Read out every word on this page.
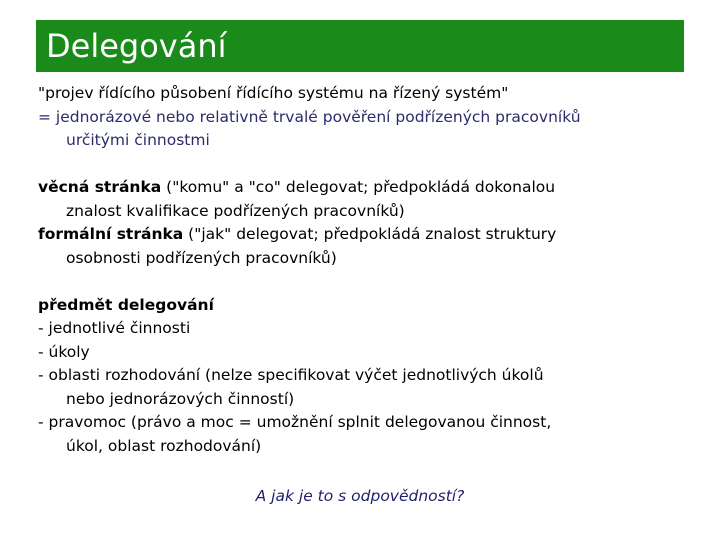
Delegování
"projev řídícího působení řídícího systému na řízený systém"
= jednorázové nebo relativně trvalé pověření podřízených pracovníků
určitými činnostmi
věcná stránka ("komu" a "co" delegovat; předpokládá dokonalou
znalost kvalifikace podřízených pracovníků)
formální stránka ("jak" delegovat; předpokládá znalost struktury
osobnosti podřízených pracovníků)
předmět delegování
- jednotlivé činnosti
- úkoly
- oblasti rozhodování (nelze specifikovat výčet jednotlivých úkolů
nebo jednorázových činností)
- pravomoc (právo a moc = umožnění splnit delegovanou činnost,
úkol, oblast rozhodování)
A jak je to s odpovědností?
